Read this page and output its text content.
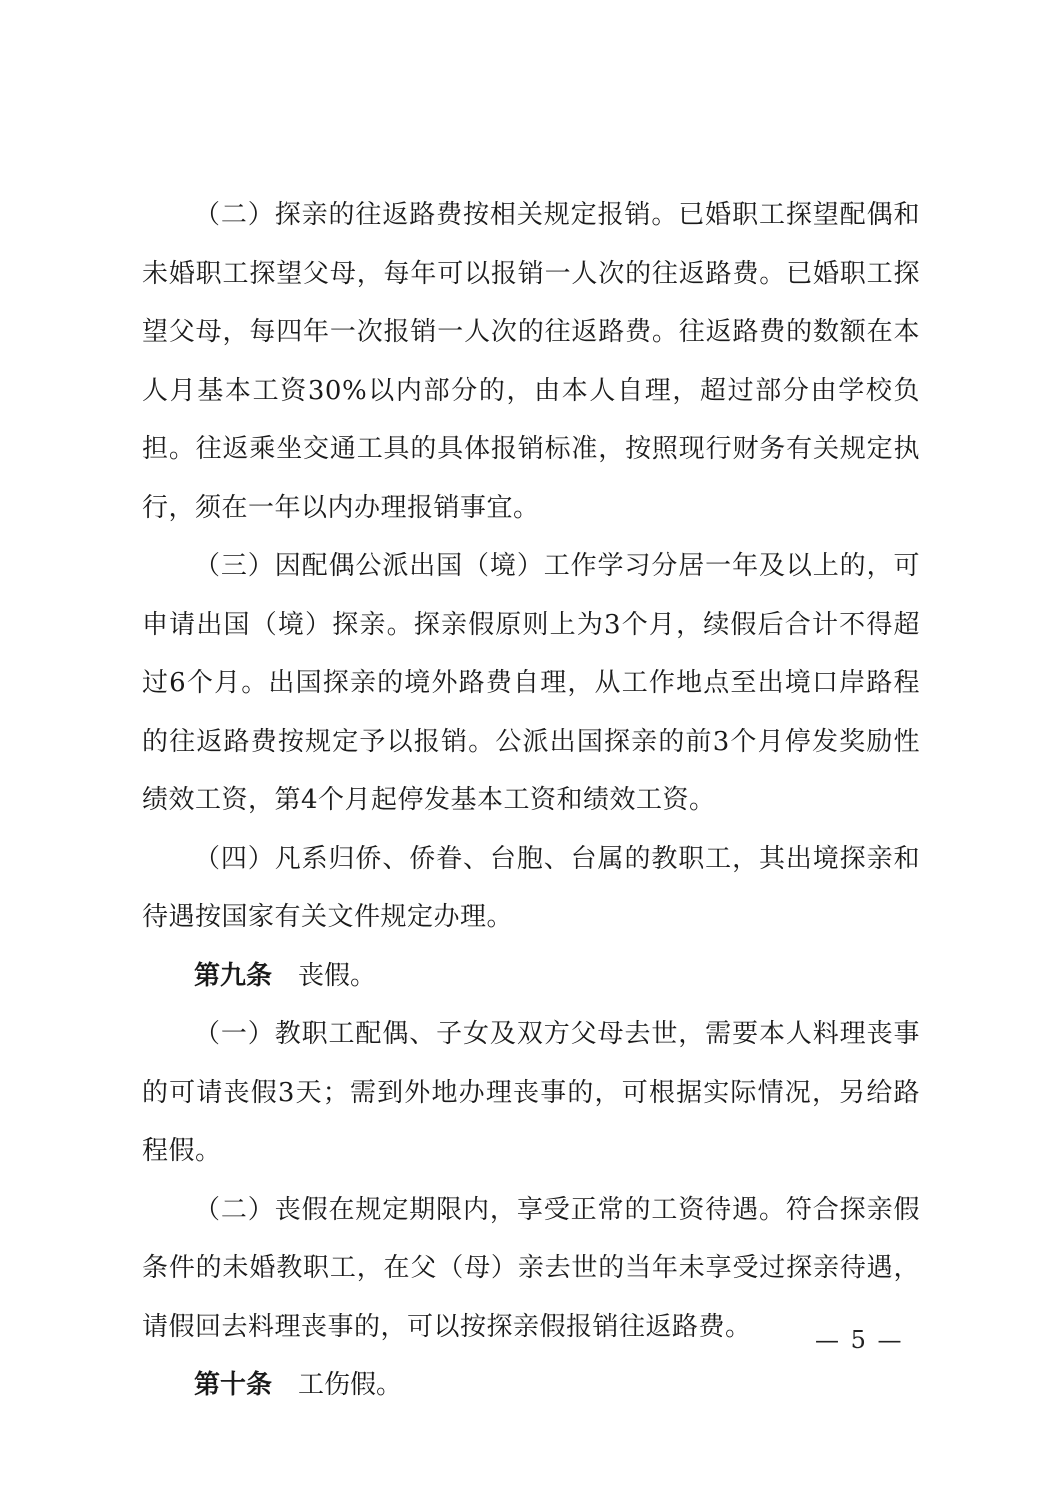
（二）探亲的往返路费按相关规定报销。已婚职工探望配偶和未婚职工探望父母，每年可以报销一人次的往返路费。已婚职工探望父母，每四年一次报销一人次的往返路费。往返路费的数额在本人月基本工资30%以内部分的，由本人自理，超过部分由学校负担。往返乘坐交通工具的具体报销标准，按照现行财务有关规定执行，须在一年以内办理报销事宜。

（三）因配偶公派出国（境）工作学习分居一年及以上的，可申请出国（境）探亲。探亲假原则上为3个月，续假后合计不得超过6个月。出国探亲的境外路费自理，从工作地点至出境口岸路程的往返路费按规定予以报销。公派出国探亲的前3个月停发奖励性绩效工资，第4个月起停发基本工资和绩效工资。

（四）凡系归侨、侨眷、台胞、台属的教职工，其出境探亲和待遇按国家有关文件规定办理。

第九条 丧假。

（一）教职工配偶、子女及双方父母去世，需要本人料理丧事的可请丧假3天；需到外地办理丧事的，可根据实际情况，另给路程假。

（二）丧假在规定期限内，享受正常的工资待遇。符合探亲假条件的未婚教职工，在父（母）亲去世的当年未享受过探亲待遇，请假回去料理丧事的，可以按探亲假报销往返路费。

第十条 工伤假。

— 5 —
